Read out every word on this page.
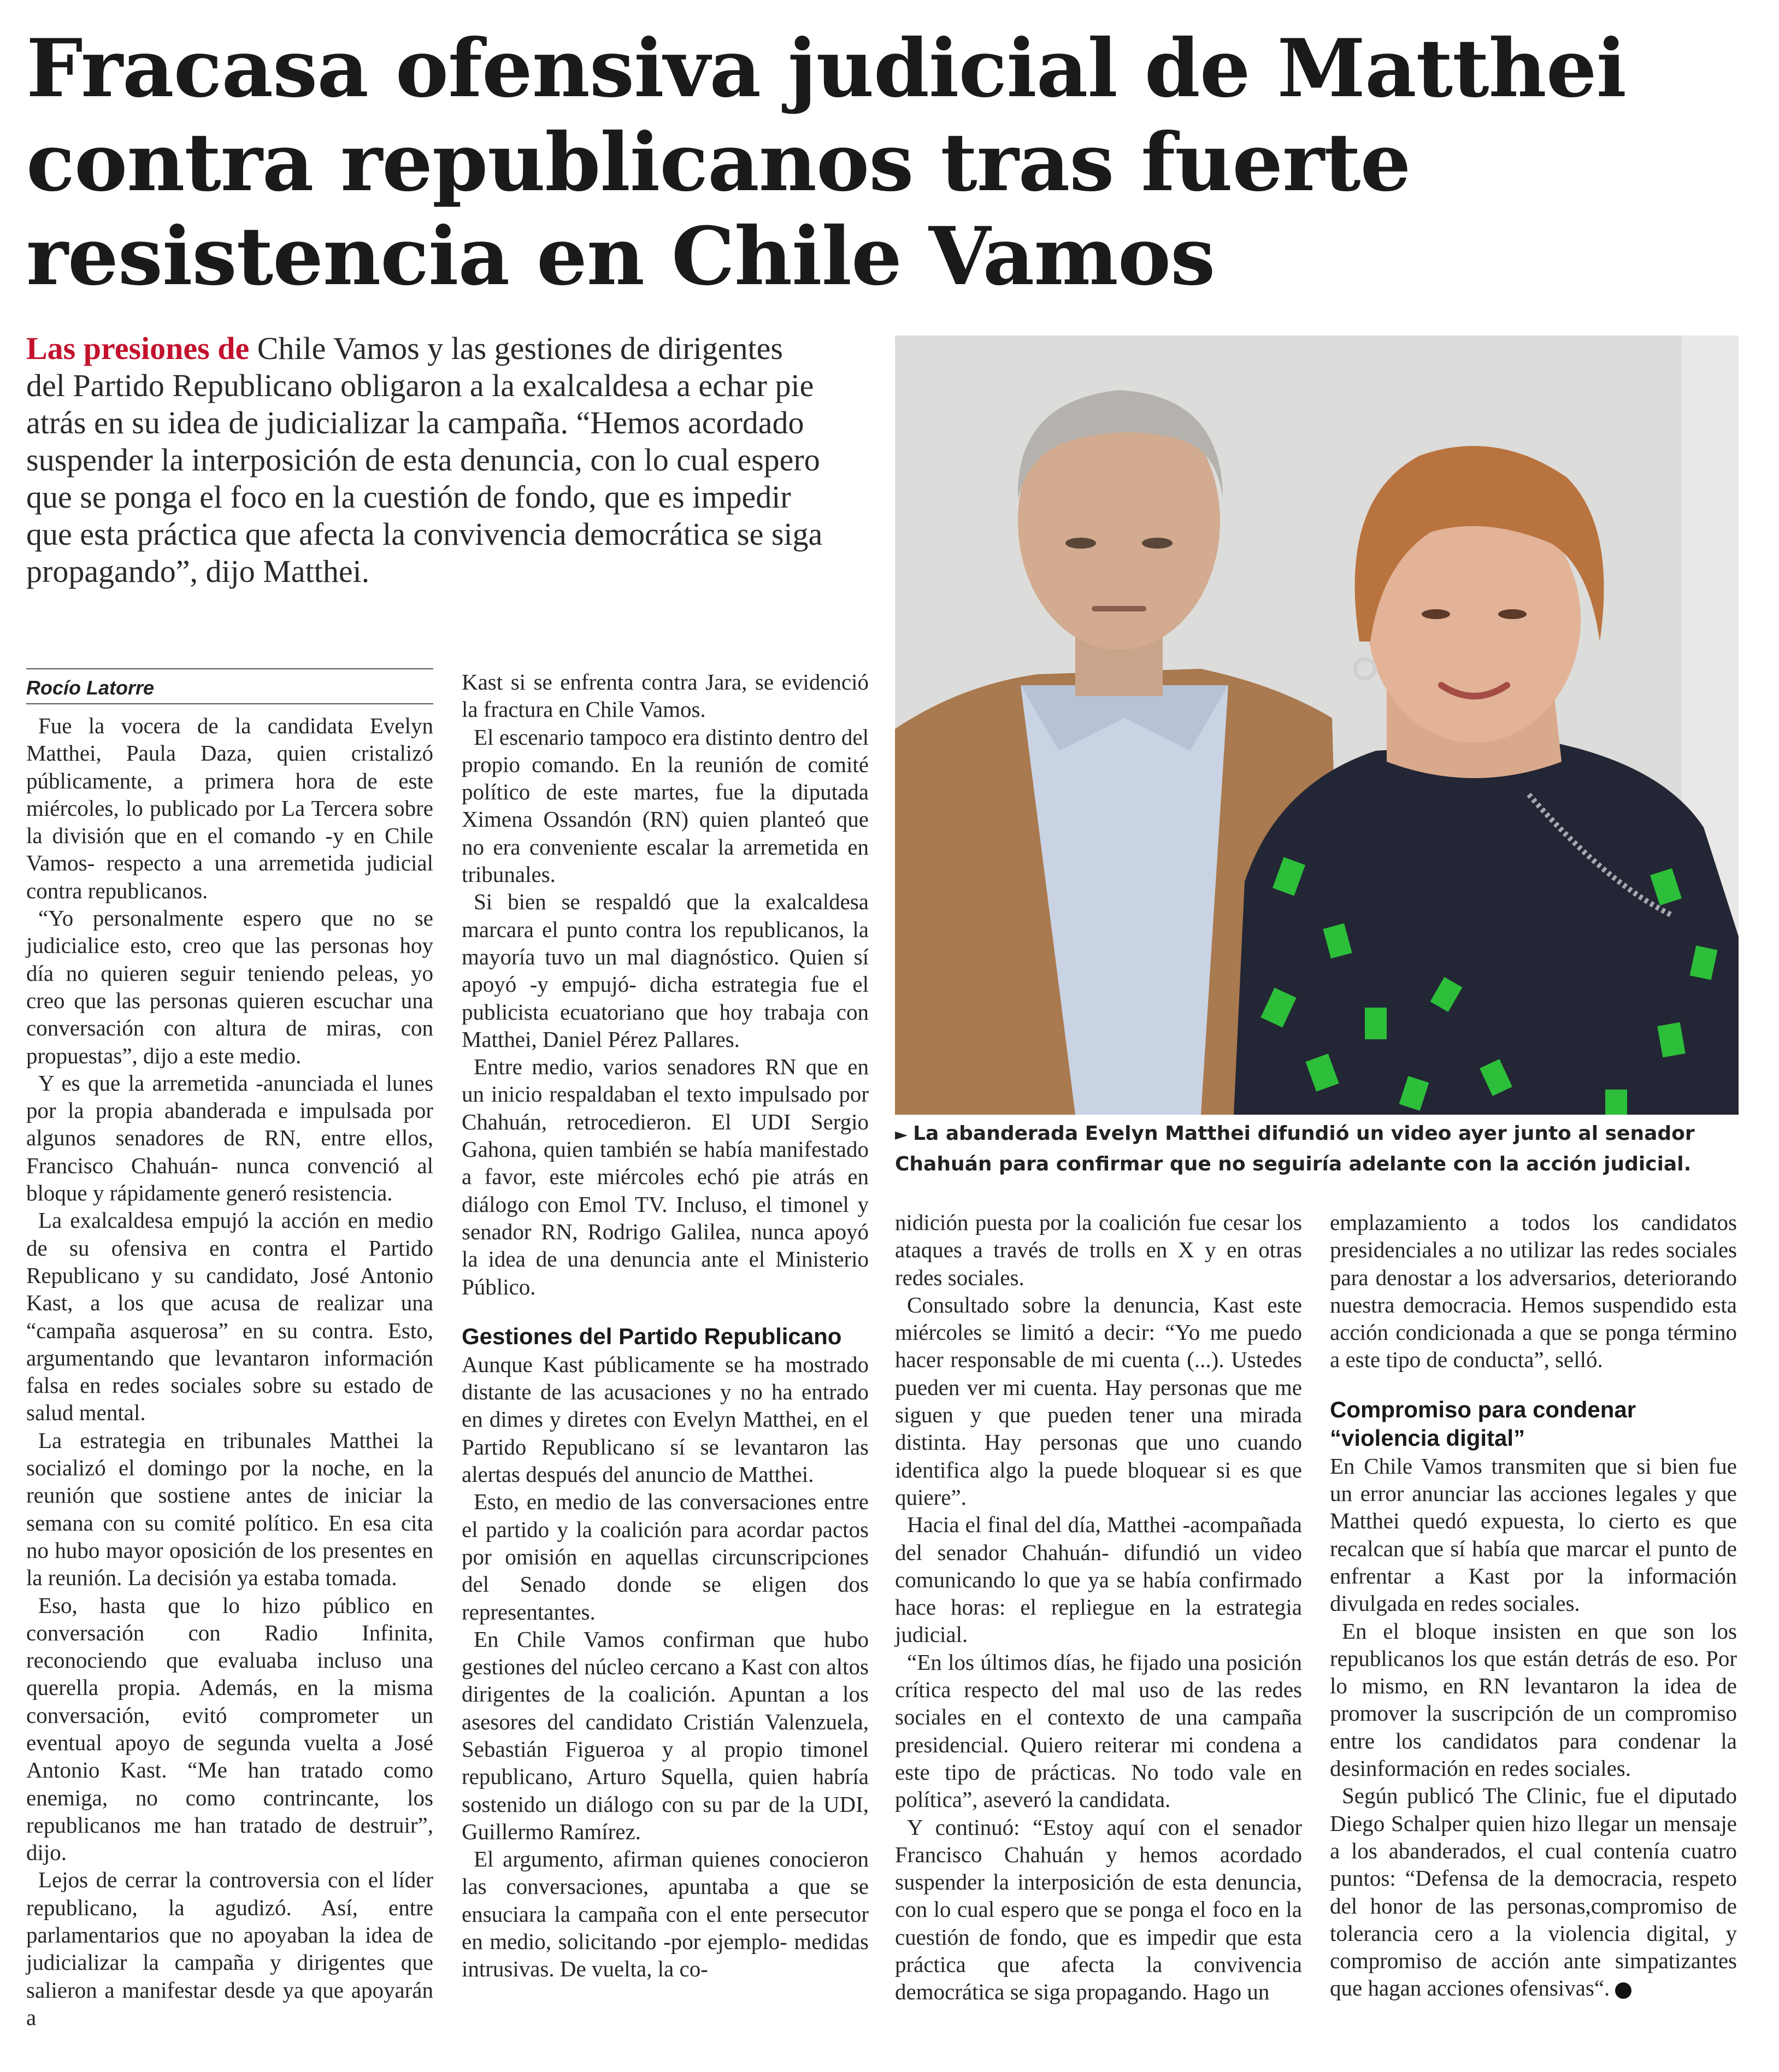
Fracasa ofensiva judicial de Matthei contra republicanos tras fuerte resistencia en Chile Vamos

Las presiones de Chile Vamos y las gestiones de dirigentes del Partido Republicano obligaron a la exalcaldesa a echar pie atrás en su idea de judicializar la campaña. “Hemos acordado suspender la interposición de esta denuncia, con lo cual espero que se ponga el foco en la cuestión de fondo, que es impedir que esta práctica que afecta la convivencia democrática se siga propagando”, dijo Matthei.

► La abanderada Evelyn Matthei difundió un video ayer junto al senador Chahuán para confirmar que no seguiría adelante con la acción judicial.

Rocío Latorre

Fue la vocera de la candidata Evelyn Matthei, Paula Daza, quien cristalizó públicamente, a primera hora de este miércoles, lo publicado por La Tercera sobre la división que en el comando -y en Chile Vamos- respecto a una arremetida judicial contra republicanos.

“Yo personalmente espero que no se judicialice esto, creo que las personas hoy día no quieren seguir teniendo peleas, yo creo que las personas quieren escuchar una conversación con altura de miras, con propuestas”, dijo a este medio.

Y es que la arremetida -anunciada el lunes por la propia abanderada e impulsada por algunos senadores de RN, entre ellos, Francisco Chahuán- nunca convenció al bloque y rápidamente generó resistencia.

La exalcaldesa empujó la acción en medio de su ofensiva en contra el Partido Republicano y su candidato, José Antonio Kast, a los que acusa de realizar una “campaña asquerosa” en su contra. Esto, argumentando que levantaron información falsa en redes sociales sobre su estado de salud mental.

La estrategia en tribunales Matthei la socializó el domingo por la noche, en la reunión que sostiene antes de iniciar la semana con su comité político. En esa cita no hubo mayor oposición de los presentes en la reunión. La decisión ya estaba tomada.

Eso, hasta que lo hizo público en conversación con Radio Infinita, reconociendo que evaluaba incluso una querella propia. Además, en la misma conversación, evitó comprometer un eventual apoyo de segunda vuelta a José Antonio Kast. “Me han tratado como enemiga, no como contrincante, los republicanos me han tratado de destruir”, dijo.

Lejos de cerrar la controversia con el líder republicano, la agudizó. Así, entre parlamentarios que no apoyaban la idea de judicializar la campaña y dirigentes que salieron a manifestar desde ya que apoyarán a

Kast si se enfrenta contra Jara, se evidenció la fractura en Chile Vamos.

El escenario tampoco era distinto dentro del propio comando. En la reunión de comité político de este martes, fue la diputada Ximena Ossandón (RN) quien planteó que no era conveniente escalar la arremetida en tribunales.

Si bien se respaldó que la exalcaldesa marcara el punto contra los republicanos, la mayoría tuvo un mal diagnóstico. Quien sí apoyó -y empujó- dicha estrategia fue el publicista ecuatoriano que hoy trabaja con Matthei, Daniel Pérez Pallares.

Entre medio, varios senadores RN que en un inicio respaldaban el texto impulsado por Chahuán, retrocedieron. El UDI Sergio Gahona, quien también se había manifestado a favor, este miércoles echó pie atrás en diálogo con Emol TV. Incluso, el timonel y senador RN, Rodrigo Galilea, nunca apoyó la idea de una denuncia ante el Ministerio Público.

Gestiones del Partido Republicano

Aunque Kast públicamente se ha mostrado distante de las acusaciones y no ha entrado en dimes y diretes con Evelyn Matthei, en el Partido Republicano sí se levantaron las alertas después del anuncio de Matthei.

Esto, en medio de las conversaciones entre el partido y la coalición para acordar pactos por omisión en aquellas circunscripciones del Senado donde se eligen dos representantes.

En Chile Vamos confirman que hubo gestiones del núcleo cercano a Kast con altos dirigentes de la coalición. Apuntan a los asesores del candidato Cristián Valenzuela, Sebastián Figueroa y al propio timonel republicano, Arturo Squella, quien habría sostenido un diálogo con su par de la UDI, Guillermo Ramírez.

El argumento, afirman quienes conocieron las conversaciones, apuntaba a que se ensuciara la campaña con el ente persecutor en medio, solicitando -por ejemplo- medidas intrusivas. De vuelta, la co-

nidición puesta por la coalición fue cesar los ataques a través de trolls en X y en otras redes sociales.

Consultado sobre la denuncia, Kast este miércoles se limitó a decir: “Yo me puedo hacer responsable de mi cuenta (...). Ustedes pueden ver mi cuenta. Hay personas que me siguen y que pueden tener una mirada distinta. Hay personas que uno cuando identifica algo la puede bloquear si es que quiere”.

Hacia el final del día, Matthei -acompañada del senador Chahuán- difundió un video comunicando lo que ya se había confirmado hace horas: el repliegue en la estrategia judicial.

“En los últimos días, he fijado una posición crítica respecto del mal uso de las redes sociales en el contexto de una campaña presidencial. Quiero reiterar mi condena a este tipo de prácticas. No todo vale en política”, aseveró la candidata.

Y continuó: “Estoy aquí con el senador Francisco Chahuán y hemos acordado suspender la interposición de esta denuncia, con lo cual espero que se ponga el foco en la cuestión de fondo, que es impedir que esta práctica que afecta la convivencia democrática se siga propagando. Hago un

emplazamiento a todos los candidatos presidenciales a no utilizar las redes sociales para denostar a los adversarios, deteriorando nuestra democracia. Hemos suspendido esta acción condicionada a que se ponga término a este tipo de conducta”, selló.

Compromiso para condenar “violencia digital”

En Chile Vamos transmiten que si bien fue un error anunciar las acciones legales y que Matthei quedó expuesta, lo cierto es que recalcan que sí había que marcar el punto de enfrentar a Kast por la información divulgada en redes sociales.

En el bloque insisten en que son los republicanos los que están detrás de eso. Por lo mismo, en RN levantaron la idea de promover la suscripción de un compromiso entre los candidatos para condenar la desinformación en redes sociales.

Según publicó The Clinic, fue el diputado Diego Schalper quien hizo llegar un mensaje a los abanderados, el cual contenía cuatro puntos: “Defensa de la democracia, respeto del honor de las personas,compromiso de tolerancia cero a la violencia digital, y compromiso de acción ante simpatizantes que hagan acciones ofensivas“.
